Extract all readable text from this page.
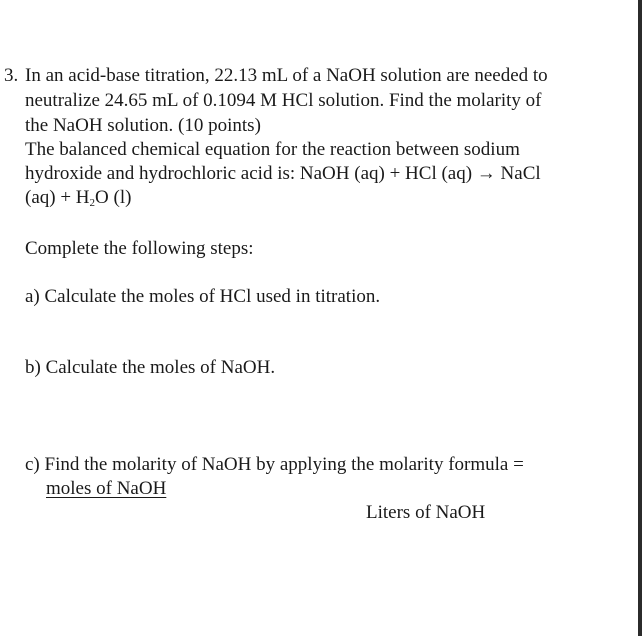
3. In an acid-base titration, 22.13 mL of a NaOH solution are needed to

neutralize 24.65 mL of 0.1094 M HCl solution. Find the molarity of

the NaOH solution. (10 points)

The balanced chemical equation for the reaction between sodium

hydroxide and hydrochloric acid is: NaOH (aq) + HCl (aq) → NaCl

$(aq) + H_2O$ (l)

Complete the following steps:

a) Calculate the moles of HCl used in titration.

b) Calculate the moles of NaOH.

c) Find the molarity of NaOH by applying the molarity formula =

moles of NaOH

Liters of NaOH
